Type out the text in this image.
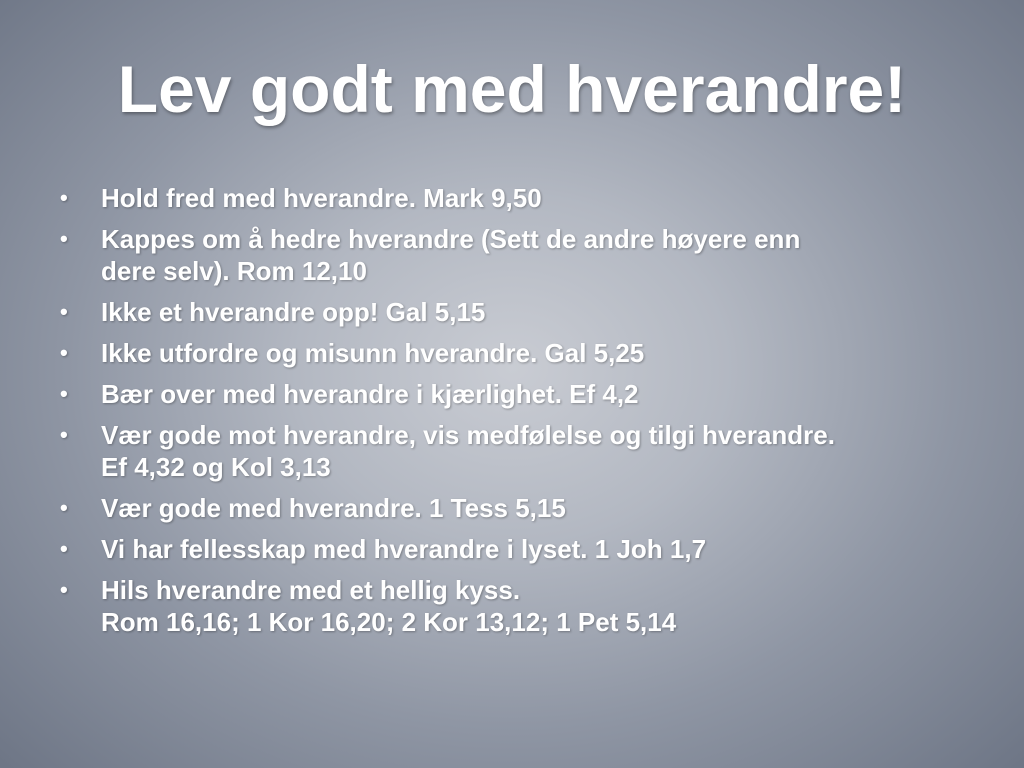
Lev godt med hverandre!
•	Hold fred med hverandre. Mark 9,50
•	Kappes om å hedre hverandre (Sett de andre høyere enn
dere selv). Rom 12,10
•	Ikke et hverandre opp! Gal 5,15
•	Ikke utfordre og misunn hverandre. Gal 5,25
•	Bær over med hverandre i kjærlighet. Ef 4,2
•	Vær gode mot hverandre, vis medfølelse og tilgi hverandre.
Ef 4,32 og Kol 3,13
•	Vær gode med hverandre. 1 Tess 5,15
•	Vi har fellesskap med hverandre i lyset. 1 Joh 1,7
•	Hils hverandre med et hellig kyss.
Rom 16,16; 1 Kor 16,20; 2 Kor 13,12; 1 Pet 5,14
